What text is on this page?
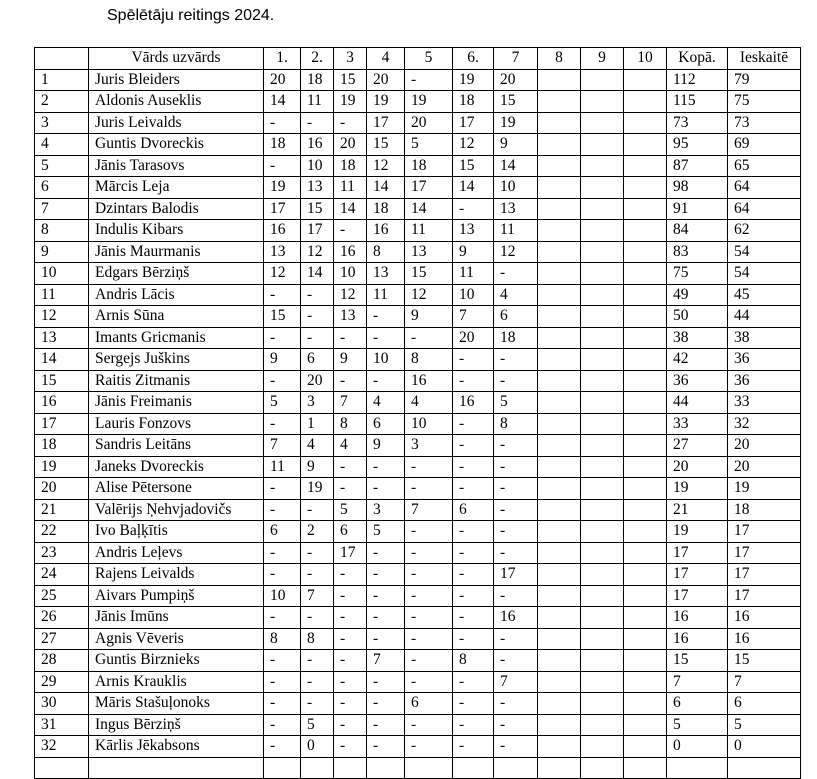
Spēlētāju reitings 2024.
	Vārds uzvārds	1.	2.	3	4	5	6.	7	8	9	10	Kopā.	Ieskaitē
1	Juris Bleiders	20	18	15	20	-	19	20				112	79
2	Aldonis Auseklis	14	11	19	19	19	18	15				115	75
3	Juris Leivalds	-	-	-	17	20	17	19				73	73
4	Guntis Dvoreckis	18	16	20	15	5	12	9				95	69
5	Jānis Tarasovs	-	10	18	12	18	15	14				87	65
6	Mārcis Leja	19	13	11	14	17	14	10				98	64
7	Dzintars Balodis	17	15	14	18	14	-	13				91	64
8	Indulis Kibars	16	17	-	16	11	13	11				84	62
9	Jānis Maurmanis	13	12	16	8	13	9	12				83	54
10	Edgars Bērziņš	12	14	10	13	15	11	-				75	54
11	Andris Lācis	-	-	12	11	12	10	4				49	45
12	Arnis Sūna	15	-	13	-	9	7	6				50	44
13	Imants Gricmanis	-	-	-	-	-	20	18				38	38
14	Sergejs Juškins	9	6	9	10	8	-	-				42	36
15	Raitis Zitmanis	-	20	-	-	16	-	-				36	36
16	Jānis Freimanis	5	3	7	4	4	16	5				44	33
17	Lauris Fonzovs	-	1	8	6	10	-	8				33	32
18	Sandris Leitāns	7	4	4	9	3	-	-				27	20
19	Janeks Dvoreckis	11	9	-	-	-	-	-				20	20
20	Alise Pētersone	-	19	-	-	-	-	-				19	19
21	Valērijs Ņehvjadovičs	-	-	5	3	7	6	-				21	18
22	Ivo Baļķītis	6	2	6	5	-	-	-				19	17
23	Andris Leļevs	-	-	17	-	-	-	-				17	17
24	Rajens Leivalds	-	-	-	-	-	-	17				17	17
25	Aivars Pumpiņš	10	7	-	-	-	-	-				17	17
26	Jānis Imūns	-	-	-	-	-	-	16				16	16
27	Agnis Vēveris	8	8	-	-	-	-	-				16	16
28	Guntis Birznieks	-	-	-	7	-	8	-				15	15
29	Arnis Krauklis	-	-	-	-	-	-	7				7	7
30	Māris Stašuļonoks	-	-	-	-	6	-	-				6	6
31	Ingus Bērziņš	-	5	-	-	-	-	-				5	5
32	Kārlis Jēkabsons	-	0	-	-	-	-	-				0	0
